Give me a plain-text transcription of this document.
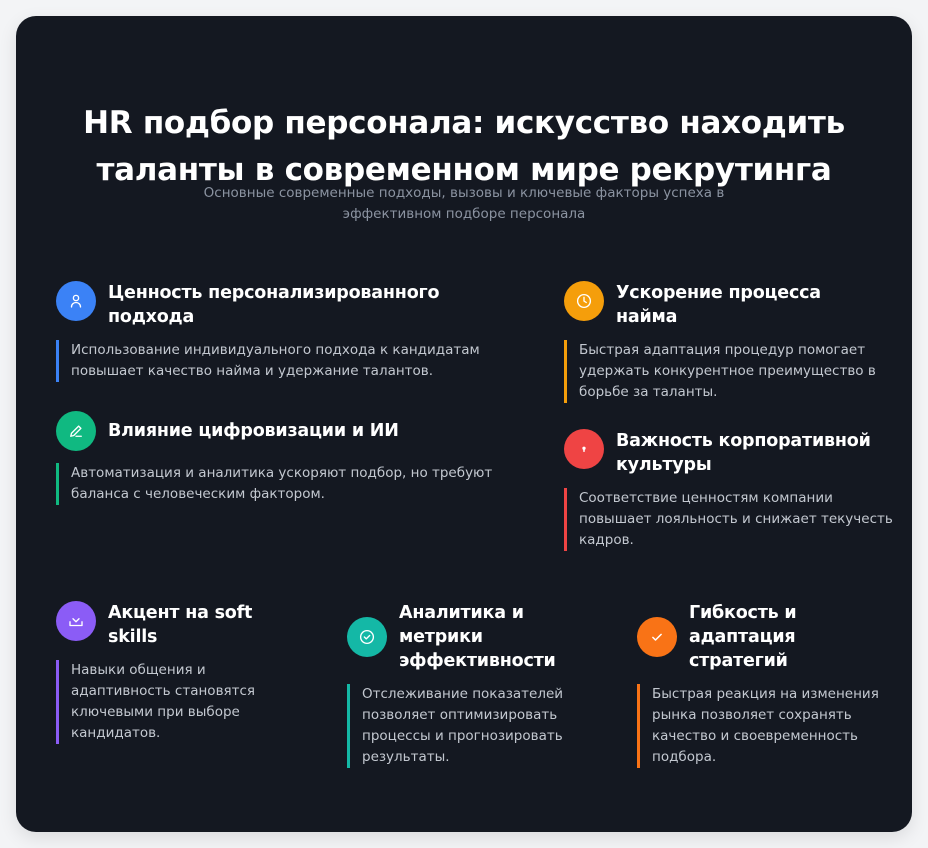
HR подбор персонала: искусство находить
таланты в современном мире рекрутинга

Основные современные подходы, вызовы и ключевые факторы успеха в
эффективном подборе персонала

Ценность персонализированного
подхода
Использование индивидуального подхода к кандидатам
повышает качество найма и удержание талантов.
Ускорение процесса
найма
Быстрая адаптация процедур помогает
удержать конкурентное преимущество в
борьбе за таланты.
Влияние цифровизации и ИИ
Автоматизация и аналитика ускоряют подбор, но требуют
баланса с человеческим фактором.
Важность корпоративной
культуры
Соответствие ценностям компании
повышает лояльность и снижает текучесть
кадров.
Акцент на soft
skills
Навыки общения и
адаптивность становятся
ключевыми при выборе
кандидатов.
Аналитика и
метрики
эффективности
Отслеживание показателей
позволяет оптимизировать
процессы и прогнозировать
результаты.
Гибкость и
адаптация
стратегий
Быстрая реакция на изменения
рынка позволяет сохранять
качество и своевременность
подбора.
